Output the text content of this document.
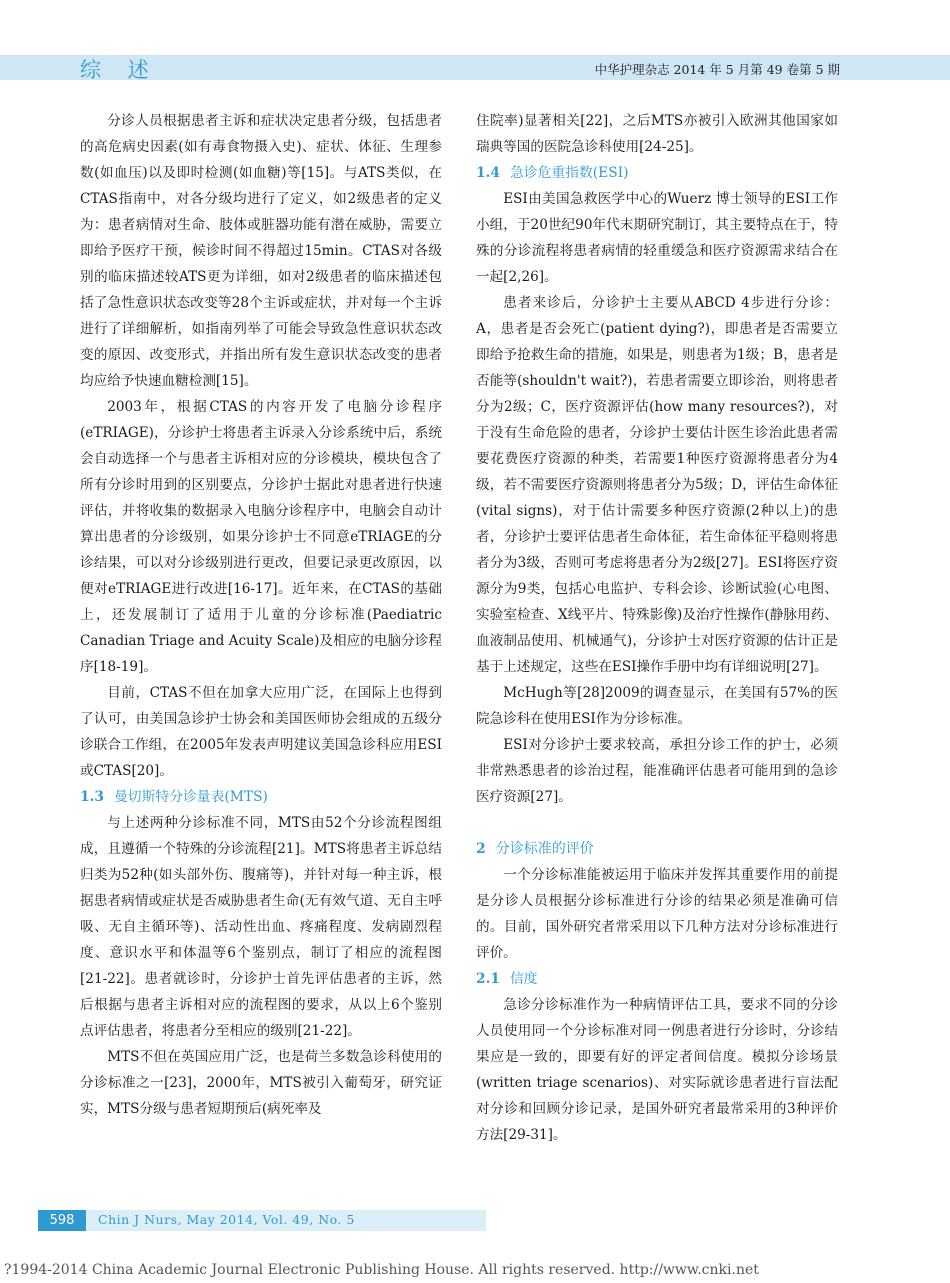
综 述	中华护理杂志 2014 年 5 月第 49 卷第 5 期

分诊人员根据患者主诉和症状决定患者分级，包括患者的高危病史因素(如有毒食物摄入史)、症状、体征、生理参数(如血压)以及即时检测(如血糖)等[15]。与ATS类似，在CTAS指南中，对各分级均进行了定义，如2级患者的定义为：患者病情对生命、肢体或脏器功能有潜在威胁，需要立即给予医疗干预，候诊时间不得超过15min。CTAS对各级别的临床描述较ATS更为详细，如对2级患者的临床描述包括了急性意识状态改变等28个主诉或症状，并对每一个主诉进行了详细解析，如指南列举了可能会导致急性意识状态改变的原因、改变形式，并指出所有发生意识状态改变的患者均应给予快速血糖检测[15]。

2003年，根据CTAS的内容开发了电脑分诊程序(eTRIAGE)，分诊护士将患者主诉录入分诊系统中后，系统会自动选择一个与患者主诉相对应的分诊模块，模块包含了所有分诊时用到的区别要点，分诊护士据此对患者进行快速评估，并将收集的数据录入电脑分诊程序中，电脑会自动计算出患者的分诊级别，如果分诊护士不同意eTRIAGE的分诊结果，可以对分诊级别进行更改，但要记录更改原因，以便对eTRIAGE进行改进[16-17]。近年来，在CTAS的基础上，还发展制订了适用于儿童的分诊标准(Paediatric Canadian Triage and Acuity Scale)及相应的电脑分诊程序[18-19]。

目前，CTAS不但在加拿大应用广泛，在国际上也得到了认可，由美国急诊护士协会和美国医师协会组成的五级分诊联合工作组，在2005年发表声明建议美国急诊科应用ESI或CTAS[20]。

1.3 曼切斯特分诊量表(MTS)

与上述两种分诊标准不同，MTS由52个分诊流程图组成，且遵循一个特殊的分诊流程[21]。MTS将患者主诉总结归类为52种(如头部外伤、腹痛等)，并针对每一种主诉，根据患者病情或症状是否威胁患者生命(无有效气道、无自主呼吸、无自主循环等)、活动性出血、疼痛程度、发病剧烈程度、意识水平和体温等6个鉴别点，制订了相应的流程图[21-22]。患者就诊时，分诊护士首先评估患者的主诉，然后根据与患者主诉相对应的流程图的要求，从以上6个鉴别点评估患者，将患者分至相应的级别[21-22]。

MTS不但在英国应用广泛，也是荷兰多数急诊科使用的分诊标准之一[23]，2000年，MTS被引入葡萄牙，研究证实，MTS分级与患者短期预后(病死率及

住院率)显著相关[22]，之后MTS亦被引入欧洲其他国家如瑞典等国的医院急诊科使用[24-25]。

1.4 急诊危重指数(ESI)

ESI由美国急救医学中心的Wuerz 博士领导的ESI工作小组，于20世纪90年代末期研究制订，其主要特点在于，特殊的分诊流程将患者病情的轻重缓急和医疗资源需求结合在一起[2,26]。

患者来诊后，分诊护士主要从ABCD 4步进行分诊：A，患者是否会死亡(patient dying?)，即患者是否需要立即给予抢救生命的措施，如果是，则患者为1级；B，患者是否能等(shouldn't wait?)，若患者需要立即诊治，则将患者分为2级；C，医疗资源评估(how many resources?)，对于没有生命危险的患者，分诊护士要估计医生诊治此患者需要花费医疗资源的种类，若需要1种医疗资源将患者分为4级，若不需要医疗资源则将患者分为5级；D，评估生命体征(vital signs)，对于估计需要多种医疗资源(2种以上)的患者，分诊护士要评估患者生命体征，若生命体征平稳则将患者分为3级，否则可考虑将患者分为2级[27]。ESI将医疗资源分为9类，包括心电监护、专科会诊、诊断试验(心电图、实验室检查、X线平片、特殊影像)及治疗性操作(静脉用药、血液制品使用、机械通气)，分诊护士对医疗资源的估计正是基于上述规定，这些在ESI操作手册中均有详细说明[27]。

McHugh等[28]2009的调查显示，在美国有57%的医院急诊科在使用ESI作为分诊标准。

ESI对分诊护士要求较高，承担分诊工作的护士，必须非常熟悉患者的诊治过程，能准确评估患者可能用到的急诊医疗资源[27]。

2 分诊标准的评价

一个分诊标准能被运用于临床并发挥其重要作用的前提是分诊人员根据分诊标准进行分诊的结果必须是准确可信的。目前，国外研究者常采用以下几种方法对分诊标准进行评价。

2.1 信度

急诊分诊标准作为一种病情评估工具，要求不同的分诊人员使用同一个分诊标准对同一例患者进行分诊时，分诊结果应是一致的，即要有好的评定者间信度。模拟分诊场景(written triage scenarios)、对实际就诊患者进行盲法配对分诊和回顾分诊记录，是国外研究者最常采用的3种评价方法[29-31]。

598	Chin J Nurs, May 2014, Vol. 49, No. 5
?1994-2014 China Academic Journal Electronic Publishing House. All rights reserved. http://www.cnki.net
